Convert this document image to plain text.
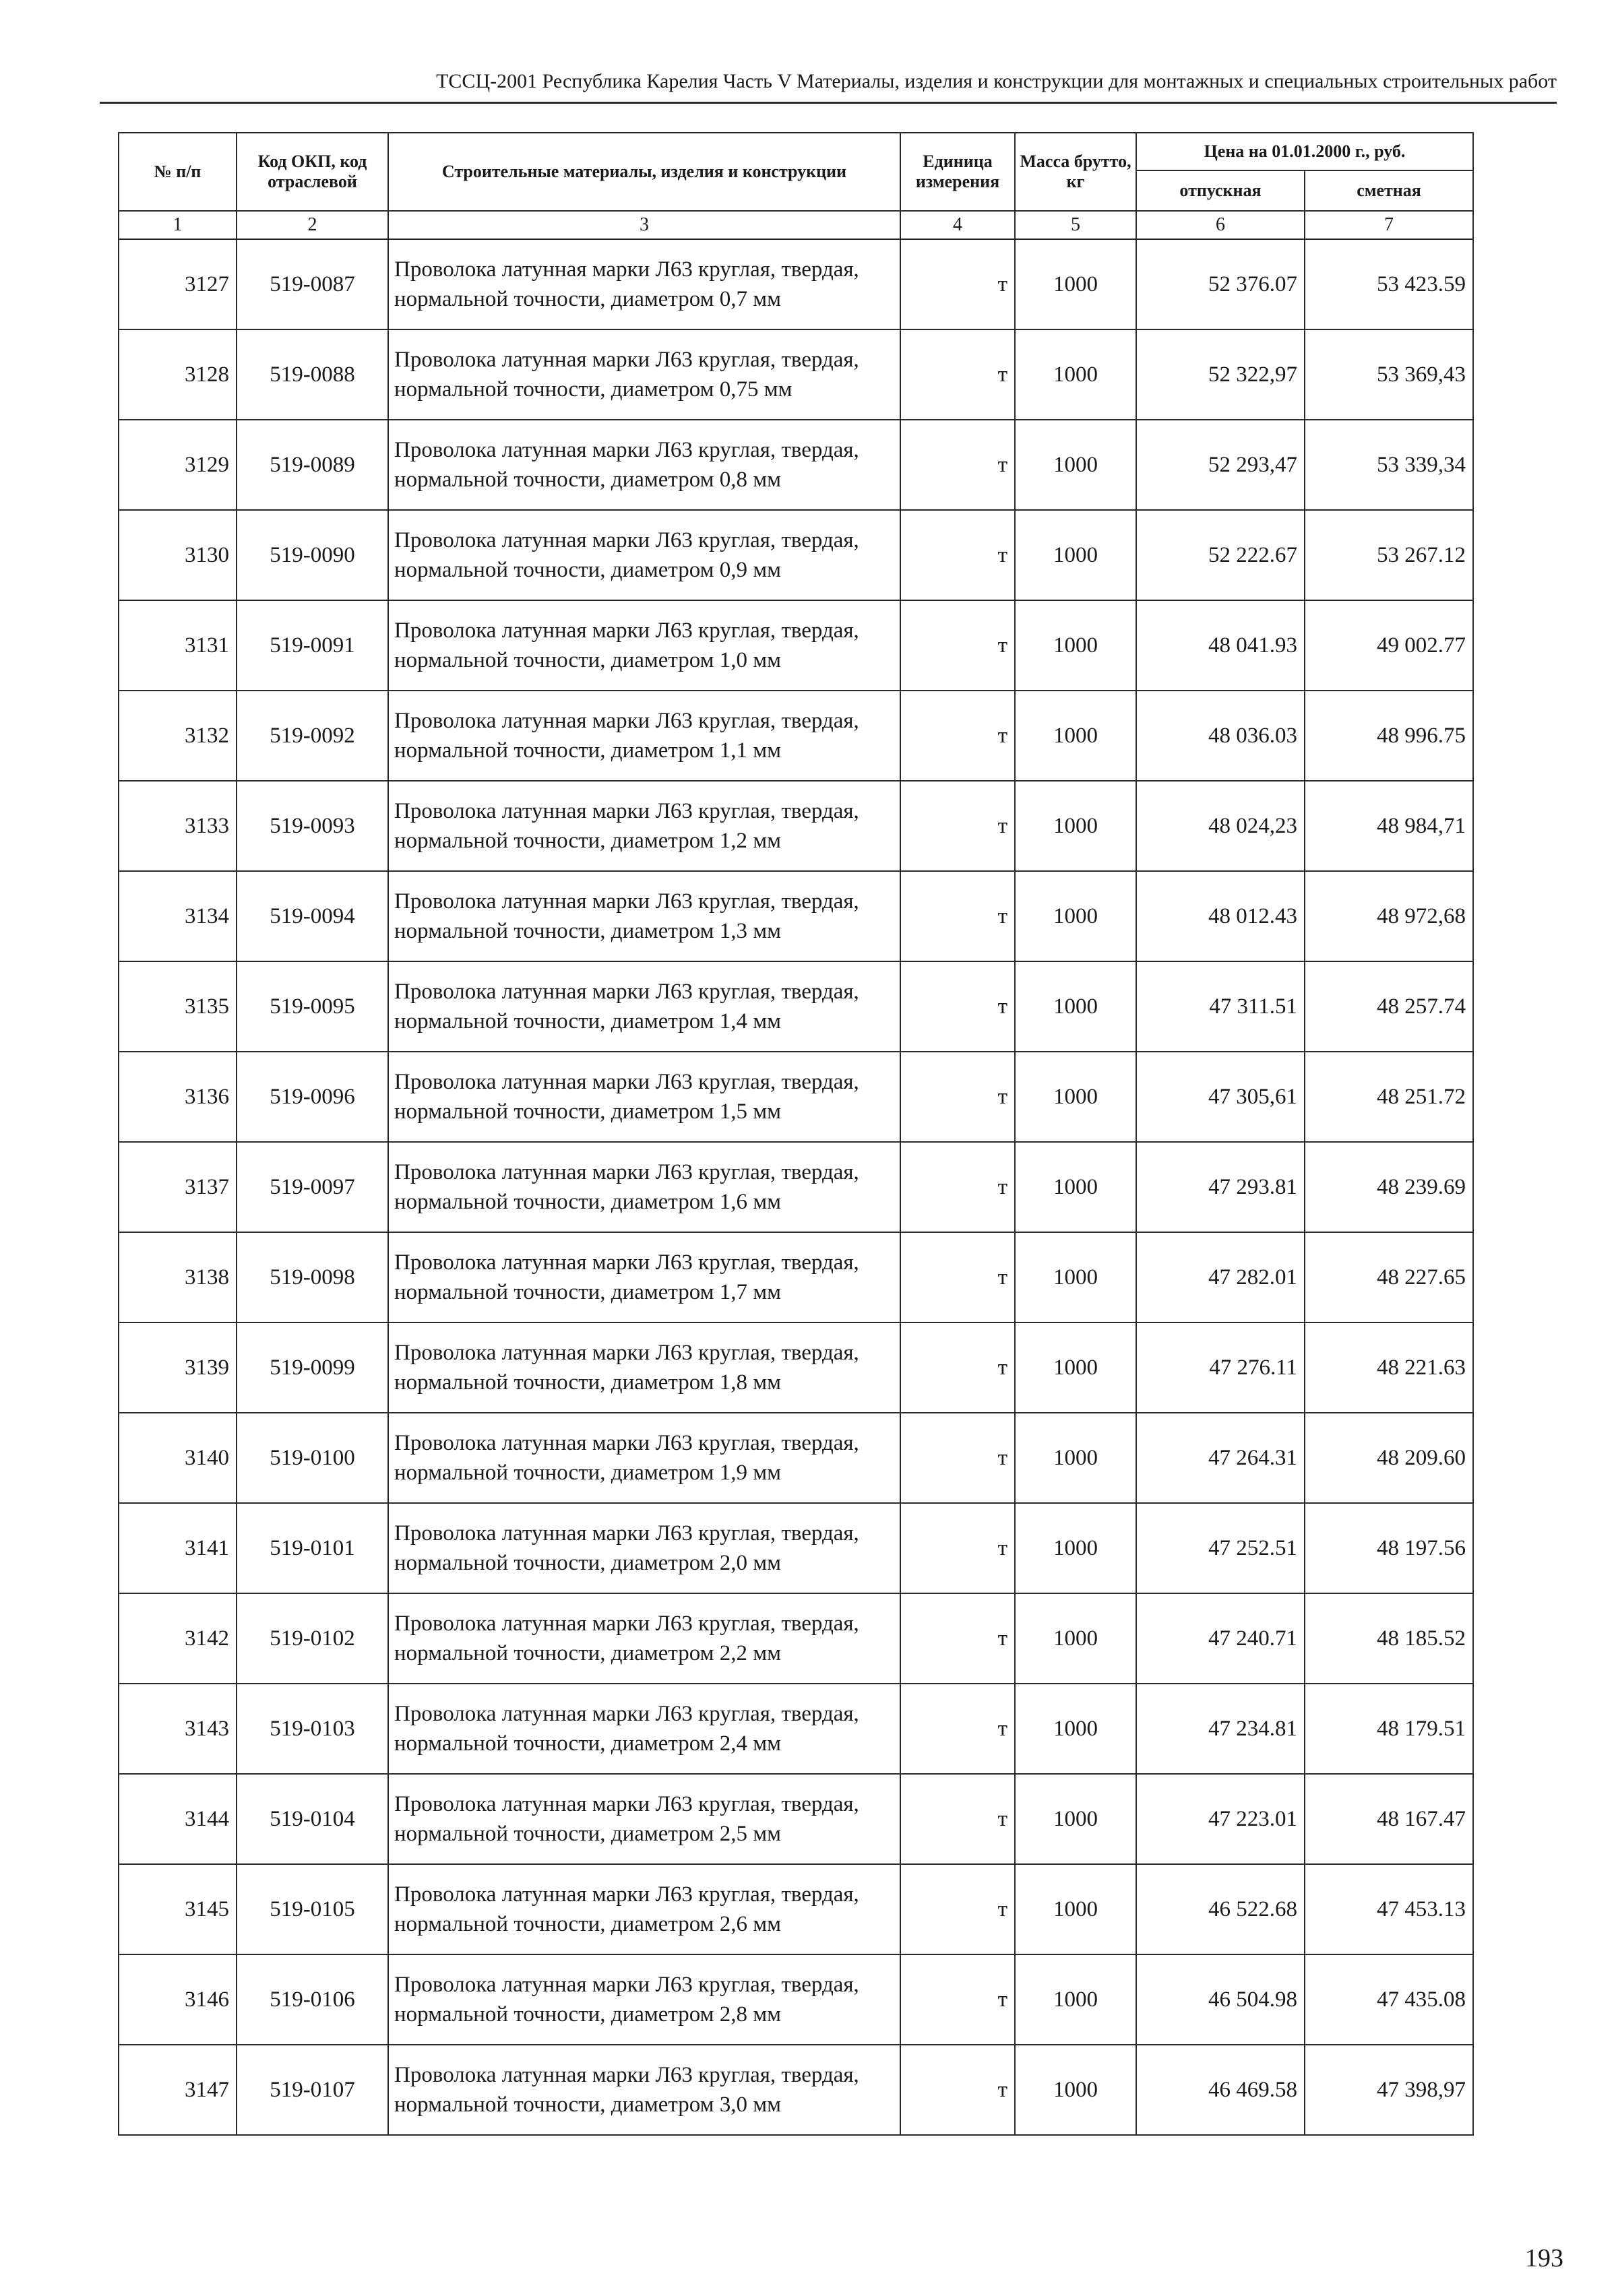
ТССЦ-2001 Республика Карелия Часть V Материалы, изделия и конструкции для монтажных и специальных строительных работ
№ п/п	Код ОКП, код отраслевой	Строительные материалы, изделия и конструкции	Единица измерения	Масса брутто, кг	Цена на 01.01.2000 г., руб.	
					отпускная	сметная
1	2	3	4	5	6	7
3127	519-0087	Проволока латунная марки Л63 круглая, твердая, нормальной точности, диаметром 0,7 мм	т	1000	52 376.07	53 423.59
3128	519-0088	Проволока латунная марки Л63 круглая, твердая, нормальной точности, диаметром 0,75 мм	т	1000	52 322,97	53 369,43
3129	519-0089	Проволока латунная марки Л63 круглая, твердая, нормальной точности, диаметром 0,8 мм	т	1000	52 293,47	53 339,34
3130	519-0090	Проволока латунная марки Л63 круглая, твердая, нормальной точности, диаметром 0,9 мм	т	1000	52 222.67	53 267.12
3131	519-0091	Проволока латунная марки Л63 круглая, твердая, нормальной точности, диаметром 1,0 мм	т	1000	48 041.93	49 002.77
3132	519-0092	Проволока латунная марки Л63 круглая, твердая, нормальной точности, диаметром 1,1 мм	т	1000	48 036.03	48 996.75
3133	519-0093	Проволока латунная марки Л63 круглая, твердая, нормальной точности, диаметром 1,2 мм	т	1000	48 024,23	48 984,71
3134	519-0094	Проволока латунная марки Л63 круглая, твердая, нормальной точности, диаметром 1,3 мм	т	1000	48 012.43	48 972,68
3135	519-0095	Проволока латунная марки Л63 круглая, твердая, нормальной точности, диаметром 1,4 мм	т	1000	47 311.51	48 257.74
3136	519-0096	Проволока латунная марки Л63 круглая, твердая, нормальной точности, диаметром 1,5 мм	т	1000	47 305,61	48 251.72
3137	519-0097	Проволока латунная марки Л63 круглая, твердая, нормальной точности, диаметром 1,6 мм	т	1000	47 293.81	48 239.69
3138	519-0098	Проволока латунная марки Л63 круглая, твердая, нормальной точности, диаметром 1,7 мм	т	1000	47 282.01	48 227.65
3139	519-0099	Проволока латунная марки Л63 круглая, твердая, нормальной точности, диаметром 1,8 мм	т	1000	47 276.11	48 221.63
3140	519-0100	Проволока латунная марки Л63 круглая, твердая, нормальной точности, диаметром 1,9 мм	т	1000	47 264.31	48 209.60
3141	519-0101	Проволока латунная марки Л63 круглая, твердая, нормальной точности, диаметром 2,0 мм	т	1000	47 252.51	48 197.56
3142	519-0102	Проволока латунная марки Л63 круглая, твердая, нормальной точности, диаметром 2,2 мм	т	1000	47 240.71	48 185.52
3143	519-0103	Проволока латунная марки Л63 круглая, твердая, нормальной точности, диаметром 2,4 мм	т	1000	47 234.81	48 179.51
3144	519-0104	Проволока латунная марки Л63 круглая, твердая, нормальной точности, диаметром 2,5 мм	т	1000	47 223.01	48 167.47
3145	519-0105	Проволока латунная марки Л63 круглая, твердая, нормальной точности, диаметром 2,6 мм	т	1000	46 522.68	47 453.13
3146	519-0106	Проволока латунная марки Л63 круглая, твердая, нормальной точности, диаметром 2,8 мм	т	1000	46 504.98	47 435.08
3147	519-0107	Проволока латунная марки Л63 круглая, твердая, нормальной точности, диаметром 3,0 мм	т	1000	46 469.58	47 398,97
193
